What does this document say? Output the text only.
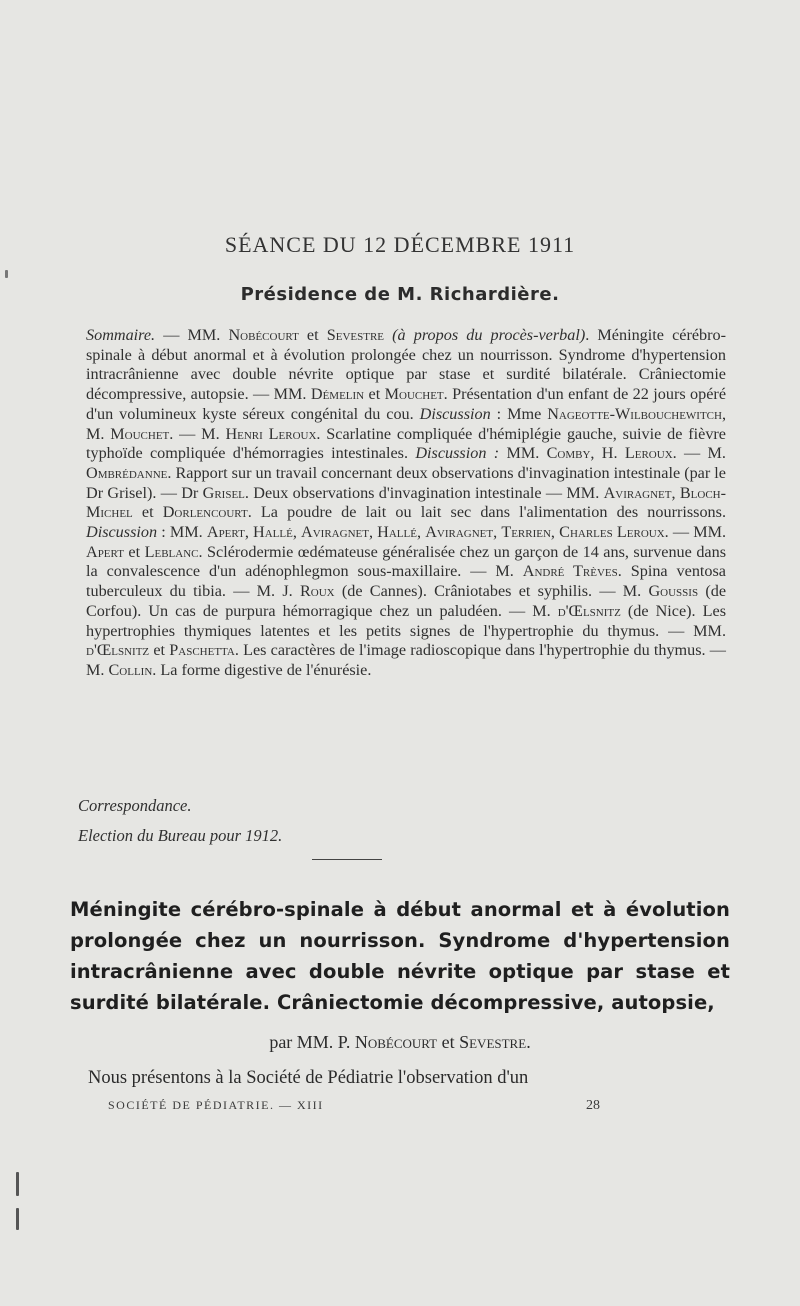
SÉANCE DU 12 DÉCEMBRE 1911
Présidence de M. Richardière.
Sommaire. — MM. Nobécourt et Sevestre (à propos du procès-verbal). Méningite cérébro-spinale à début anormal et à évolution prolongée chez un nourrisson. Syndrome d'hypertension intracrânienne avec double névrite optique par stase et surdité bilatérale. Crâniectomie décompressive, autopsie. — MM. Démelin et Mouchet. Présentation d'un enfant de 22 jours opéré d'un volumineux kyste séreux congénital du cou. Discussion : Mme Nageotte-Wilbouchewitch, M. Mouchet. — M. Henri Leroux. Scarlatine compliquée d'hémiplégie gauche, suivie de fièvre typhoïde compliquée d'hémorragies intestinales. Discussion : MM. Comby, H. Leroux. — M. Ombrédanne. Rapport sur un travail concernant deux observations d'invagination intestinale (par le Dr Grisel). — Dr Grisel. Deux observations d'invagination intestinale — MM. Aviragnet, Bloch-Michel et Dorlencourt. La poudre de lait ou lait sec dans l'alimentation des nourrissons. Discussion : MM. Apert, Hallé, Aviragnet, Hallé, Aviragnet, Terrien, Charles Leroux. — MM. Apert et Leblanc. Sclérodermie œdémateuse généralisée chez un garçon de 14 ans, survenue dans la convalescence d'un adénophlegmon sous-maxillaire. — M. André Trèves. Spina ventosa tuberculeux du tibia. — M. J. Roux (de Cannes). Crâniotabes et syphilis. — M. Goussis (de Corfou). Un cas de purpura hémorragique chez un paludéen. — M. d'Œlsnitz (de Nice). Les hypertrophies thymiques latentes et les petits signes de l'hypertrophie du thymus. — MM. d'Œlsnitz et Paschetta. Les caractères de l'image radioscopique dans l'hypertrophie du thymus. — M. Collin. La forme digestive de l'énurésie.
Correspondance.
Election du Bureau pour 1912.
Méningite cérébro-spinale à début anormal et à évolution prolongée chez un nourrisson. Syndrome d'hypertension intracrânienne avec double névrite optique par stase et surdité bilatérale. Crâniectomie décompressive, autopsie,
par MM. P. Nobécourt et Sevestre.
Nous présentons à la Société de Pédiatrie l'observation d'un
SOCIÉTÉ DE PÉDIATRIE. — XIII	28
